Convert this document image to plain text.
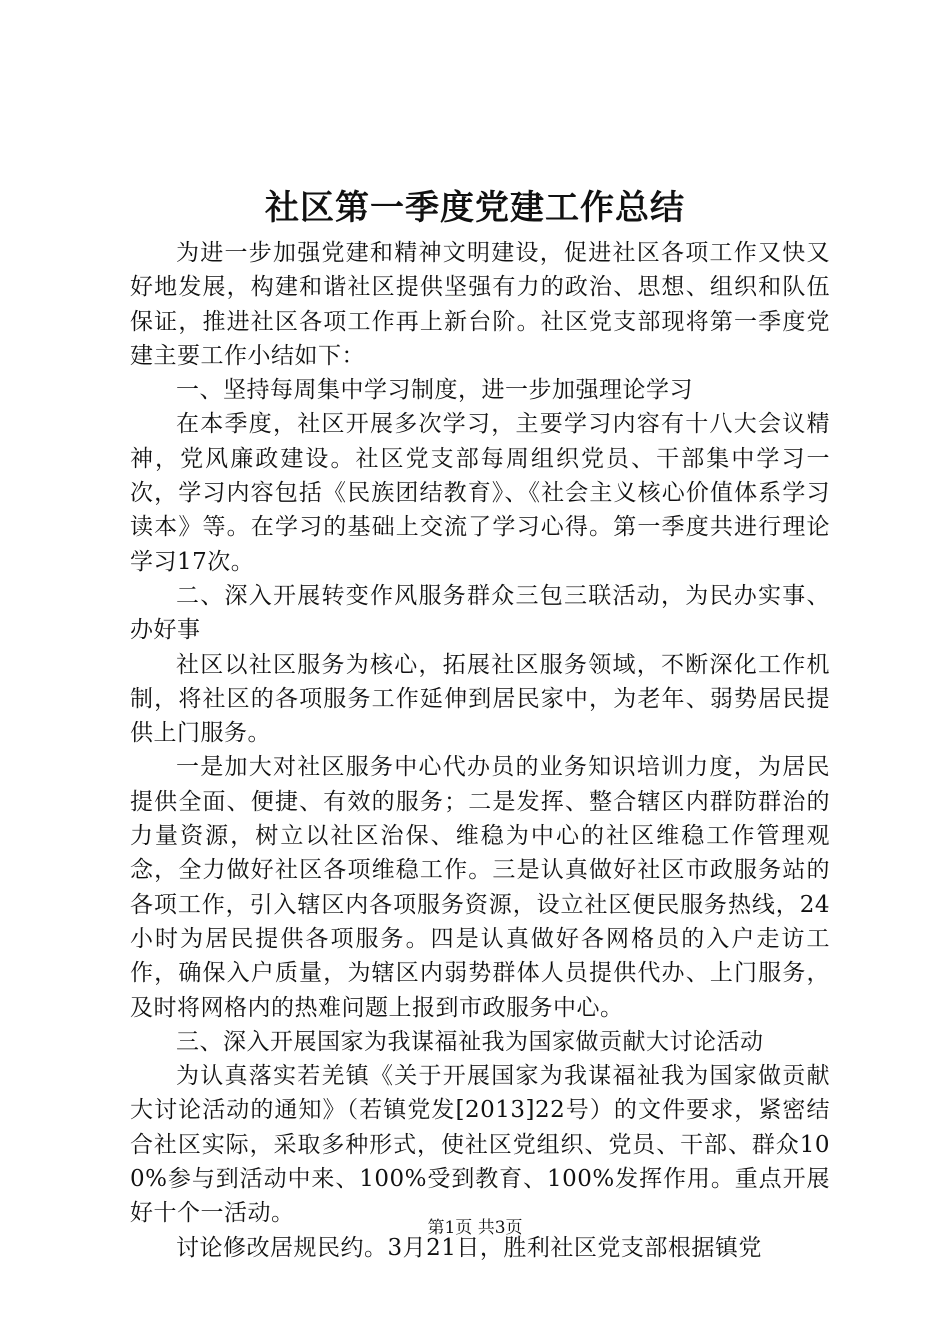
社区第一季度党建工作总结

为进一步加强党建和精神文明建设，促进社区各项工作又快又好地发展，构建和谐社区提供坚强有力的政治、思想、组织和队伍保证，推进社区各项工作再上新台阶。社区党支部现将第一季度党建主要工作小结如下：

一、坚持每周集中学习制度，进一步加强理论学习

在本季度，社区开展多次学习，主要学习内容有十八大会议精神，党风廉政建设。社区党支部每周组织党员、干部集中学习一次，学习内容包括《民族团结教育》、《社会主义核心价值体系学习读本》等。在学习的基础上交流了学习心得。第一季度共进行理论学习17次。

二、深入开展转变作风服务群众三包三联活动，为民办实事、办好事

社区以社区服务为核心，拓展社区服务领域，不断深化工作机制，将社区的各项服务工作延伸到居民家中，为老年、弱势居民提供上门服务。

一是加大对社区服务中心代办员的业务知识培训力度，为居民提供全面、便捷、有效的服务；二是发挥、整合辖区内群防群治的力量资源，树立以社区治保、维稳为中心的社区维稳工作管理观念，全力做好社区各项维稳工作。三是认真做好社区市政服务站的各项工作，引入辖区内各项服务资源，设立社区便民服务热线，24小时为居民提供各项服务。四是认真做好各网格员的入户走访工作，确保入户质量，为辖区内弱势群体人员提供代办、上门服务，及时将网格内的热难问题上报到市政服务中心。

三、深入开展国家为我谋福祉我为国家做贡献大讨论活动

为认真落实若羌镇《关于开展国家为我谋福祉我为国家做贡献大讨论活动的通知》（若镇党发[2013]22号）的文件要求，紧密结合社区实际，采取多种形式，使社区党组织、党员、干部、群众100%参与到活动中来、100%受到教育、100%发挥作用。重点开展好十个一活动。

讨论修改居规民约。3月21日，胜利社区党支部根据镇党

第1页 共3页
